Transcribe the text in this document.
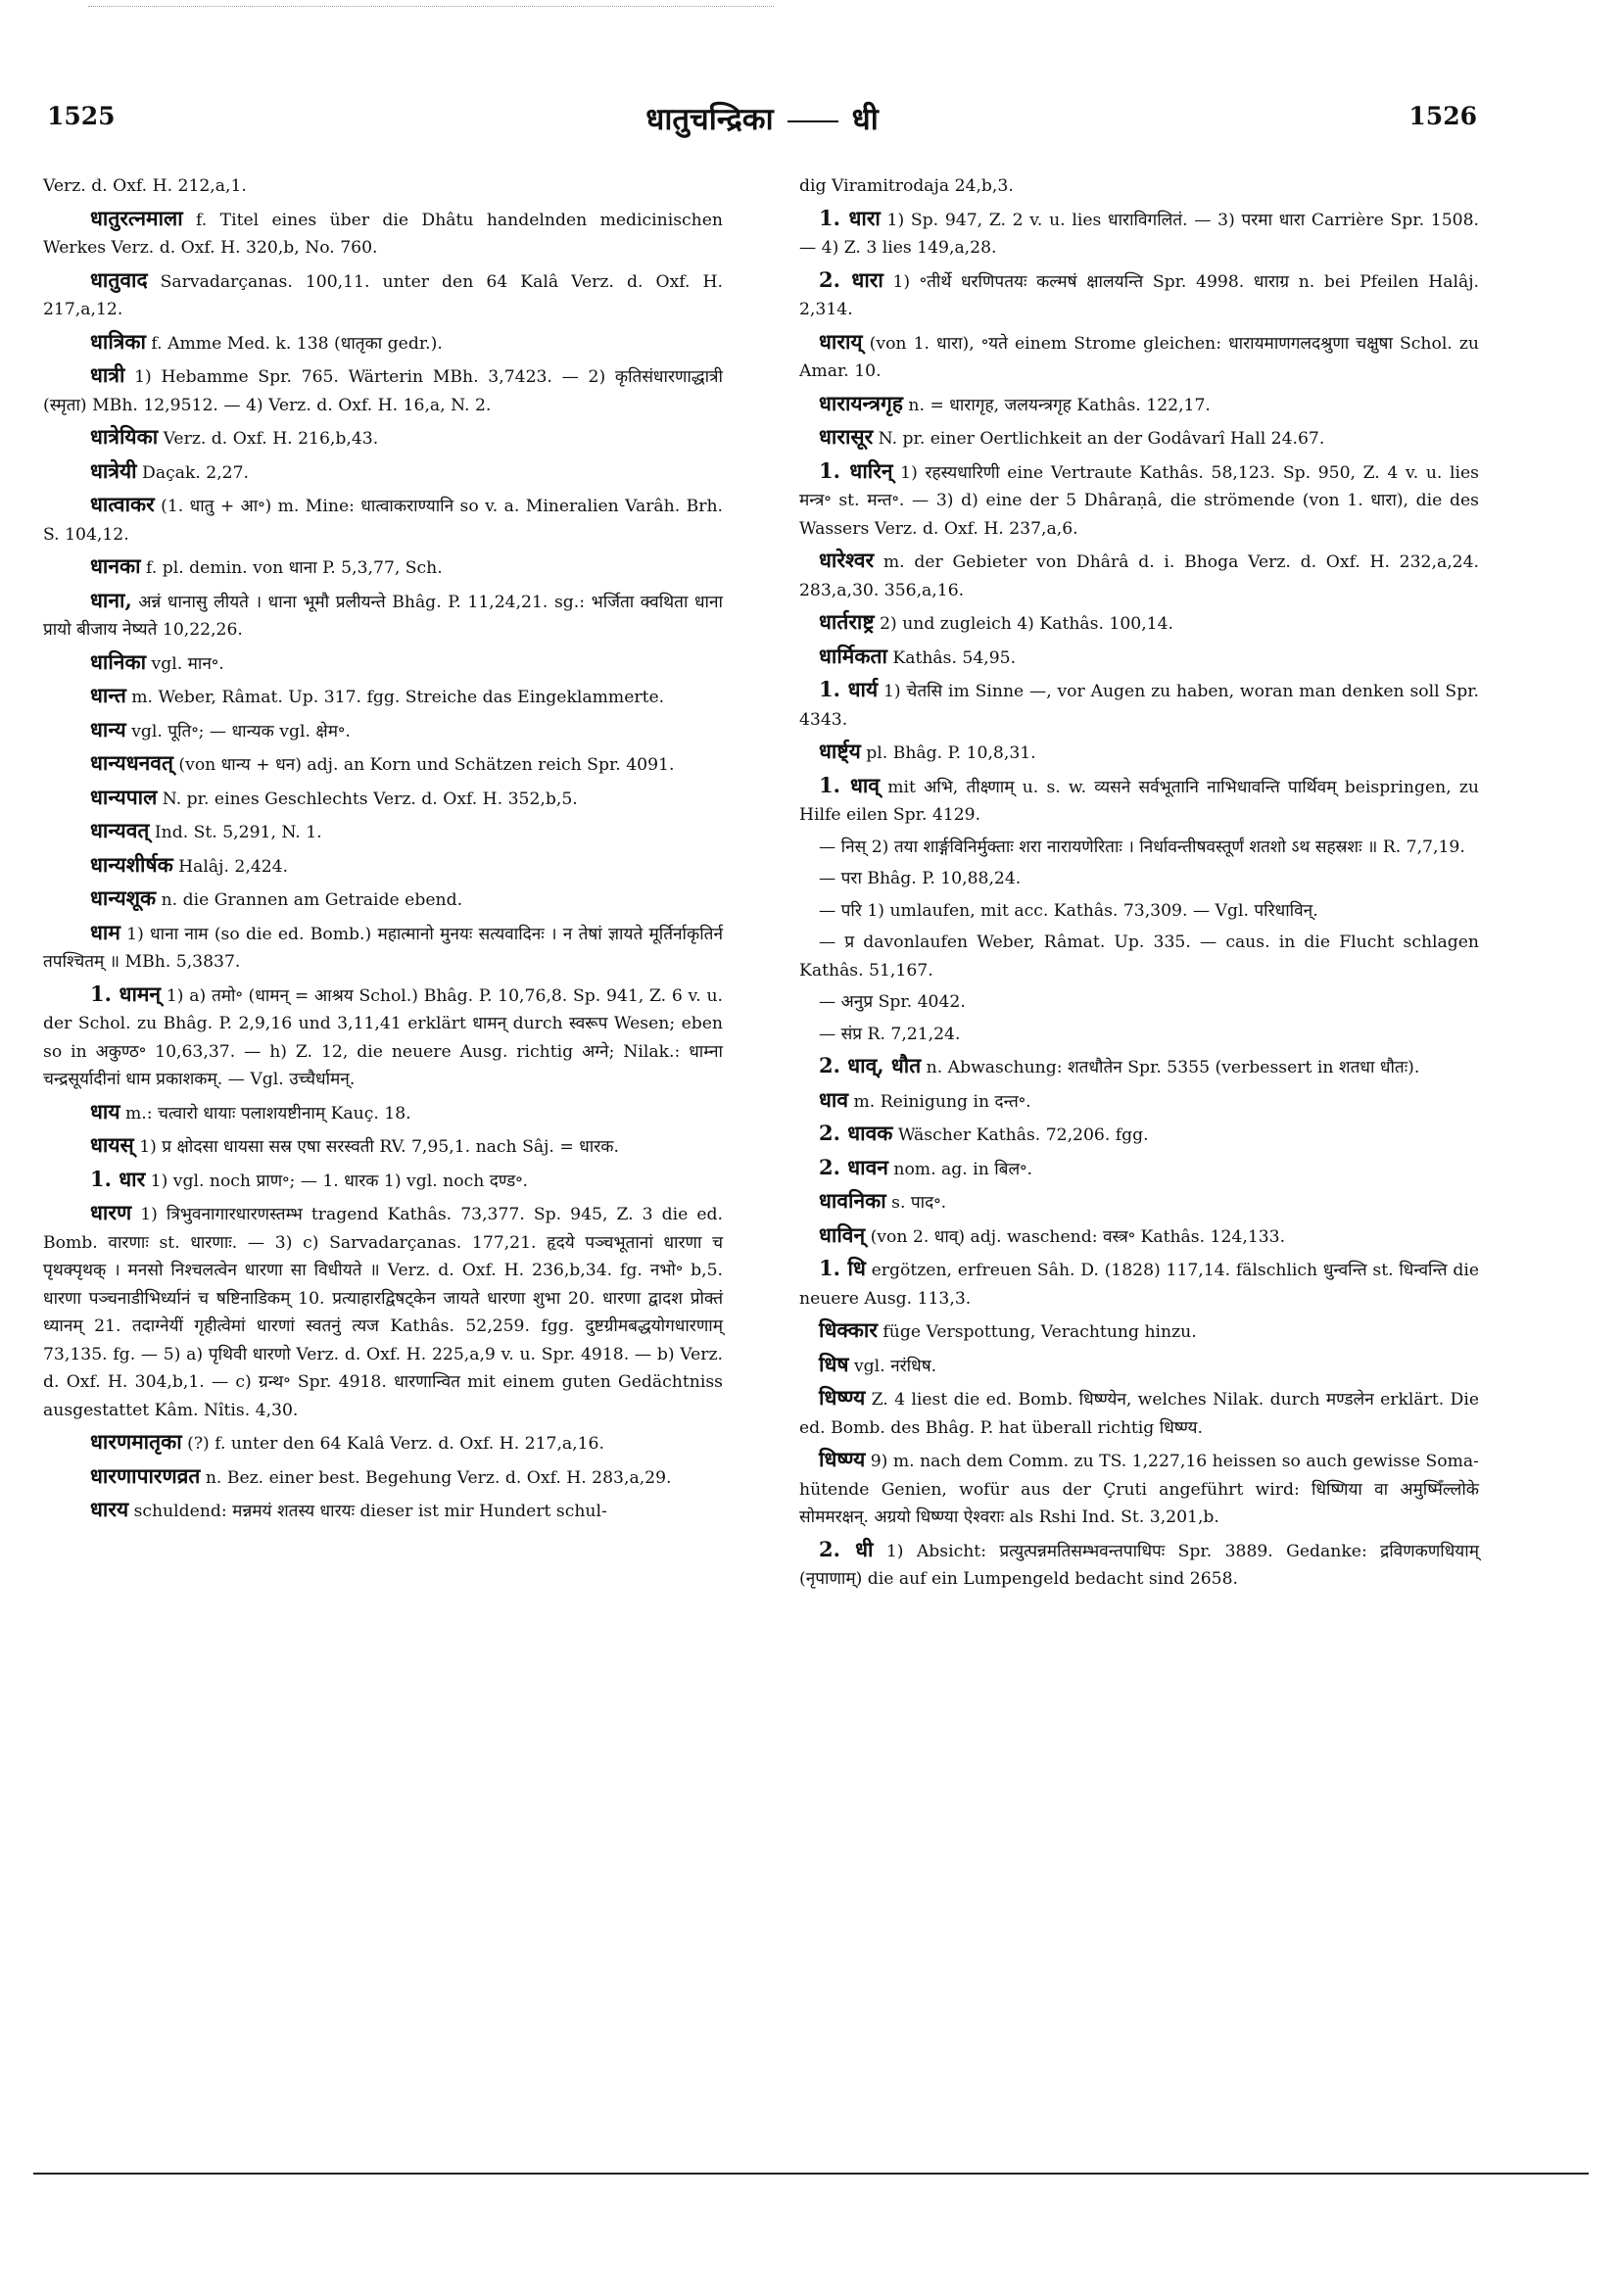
1525	धातुचन्द्रिका	धी	1526

Verz. d. Oxf. H. 212,a,1.

धातुरत्नमाला f. Titel eines über die Dhâtu handelnden medicinischen Werkes Verz. d. Oxf. H. 320,b, No. 760.

धातुवाद Sarvadarçanas. 100,11. unter den 64 Kalâ Verz. d. Oxf. H. 217,a,12.

धात्रिका f. Amme Med. k. 138 (धातृका gedr.).

धात्री 1) Hebamme Spr. 765. Wärterin MBh. 3,7423. — 2) कृतिसंधारणाद्धात्री (स्मृता) MBh. 12,9512. — 4) Verz. d. Oxf. H. 16,a, N. 2.

धात्रेयिका Verz. d. Oxf. H. 216,b,43.

धात्रेयी Daçak. 2,27.

धात्वाकर (1. धातु + आ॰) m. Mine: धात्वाकराण्यानि so v. a. Mineralien Varâh. Brh. S. 104,12.

धानका f. pl. demin. von धाना P. 5,3,77, Sch.

धाना, अन्नं धानासु लीयते । धाना भूमौ प्रलीयन्ते Bhâg. P. 11,24,21. sg.: भर्जिता क्वथिता धाना प्रायो बीजाय नेष्यते 10,22,26.

धानिका vgl. मान॰.

धान्त m. Weber, Râmat. Up. 317. fgg. Streiche das Eingeklammerte.

धान्य vgl. पूति॰; — धान्यक vgl. क्षेम॰.

धान्यधनवत् (von धान्य + धन) adj. an Korn und Schätzen reich Spr. 4091.

धान्यपाल N. pr. eines Geschlechts Verz. d. Oxf. H. 352,b,5.

धान्यवत् Ind. St. 5,291, N. 1.

धान्यशीर्षक Halâj. 2,424.

धान्यशूक n. die Grannen am Getraide ebend.

धाम 1) धाना नाम (so die ed. Bomb.) महात्मानो मुनयः सत्यवादिनः । न तेषां ज्ञायते मूर्तिर्नाकृतिर्न तपश्चितम् ॥ MBh. 5,3837.

1. धामन् 1) a) तमो॰ (धामन् = आश्रय Schol.) Bhâg. P. 10,76,8. Sp. 941, Z. 6 v. u. der Schol. zu Bhâg. P. 2,9,16 und 3,11,41 erklärt धामन् durch स्वरूप Wesen; eben so in अकुण्ठ॰ 10,63,37. — h) Z. 12, die neuere Ausg. richtig अग्ने; Nilak.: धाम्ना चन्द्रसूर्यादीनां धाम प्रकाशकम्. — Vgl. उच्चैर्धामन्.

धाय m.: चत्वारो धायाः पलाशयष्टीनाम् Kauç. 18.

धायस् 1) प्र क्षोदसा धायसा सस्र एषा सरस्वती RV. 7,95,1. nach Sâj. = धारक.

1. धार 1) vgl. noch प्राण॰; — 1. धारक 1) vgl. noch दण्ड॰.

धारण 1) त्रिभुवनागारधारणस्तम्भ tragend Kathâs. 73,377. Sp. 945, Z. 3 die ed. Bomb. वारणाः st. धारणाः. — 3) c) Sarvadarçanas. 177,21. हृदये पञ्चभूतानां धारणा च पृथक्पृथक् । मनसो निश्चलत्वेन धारणा सा विधीयते ॥ Verz. d. Oxf. H. 236,b,34. fg. नभो॰ b,5. धारणा पञ्चनाडीभिर्ध्यानं च षष्टिनाडिकम् 10. प्रत्याहारद्विषट्केन जायते धारणा शुभा 20. धारणा द्वादश प्रोक्तं ध्यानम् 21. तदाग्नेयीं गृहीत्वेमां धारणां स्वतनुं त्यज Kathâs. 52,259. fgg. दुष्टग्रीमबद्धयोगधारणाम् 73,135. fg. — 5) a) पृथिवी धारणो Verz. d. Oxf. H. 225,a,9 v. u. Spr. 4918. — b) Verz. d. Oxf. H. 304,b,1. — c) ग्रन्थ॰ Spr. 4918. धारणान्वित mit einem guten Gedächtniss ausgestattet Kâm. Nîtis. 4,30.

धारणमातृका (?) f. unter den 64 Kalâ Verz. d. Oxf. H. 217,a,16.

धारणापारणव्रत n. Bez. einer best. Begehung Verz. d. Oxf. H. 283,a,29.

धारय schuldend: मन्नमयं शतस्य धारयः dieser ist mir Hundert schul-

dig Viramitrodaja 24,b,3.

1. धारा 1) Sp. 947, Z. 2 v. u. lies धाराविगलितं. — 3) परमा धारा Carrière Spr. 1508. — 4) Z. 3 lies 149,a,28.

2. धारा 1) ॰तीर्थे धरणिपतयः कल्मषं क्षालयन्ति Spr. 4998. धाराग्र n. bei Pfeilen Halâj. 2,314.

धाराय् (von 1. धारा), ॰यते einem Strome gleichen: धारायमाणगलदश्रुणा चक्षुषा Schol. zu Amar. 10.

धारायन्त्रगृह n. = धारागृह, जलयन्त्रगृह Kathâs. 122,17.

धारासूर N. pr. einer Oertlichkeit an der Godâvarî Hall 24.67.

1. धारिन् 1) रहस्यधारिणी eine Vertraute Kathâs. 58,123. Sp. 950, Z. 4 v. u. lies मन्त्र॰ st. मन्त॰. — 3) d) eine der 5 Dhâraṇâ, die strömende (von 1. धारा), die des Wassers Verz. d. Oxf. H. 237,a,6.

धारेश्वर m. der Gebieter von Dhârâ d. i. Bhoga Verz. d. Oxf. H. 232,a,24. 283,a,30. 356,a,16.

धार्तराष्ट्र 2) und zugleich 4) Kathâs. 100,14.

धार्मिकता Kathâs. 54,95.

1. धार्य 1) चेतसि im Sinne —, vor Augen zu haben, woran man denken soll Spr. 4343.

धार्ष्ट्य pl. Bhâg. P. 10,8,31.

1. धाव् mit अभि, तीक्ष्णाम् u. s. w. व्यसने सर्वभूतानि नाभिधावन्ति पार्थिवम् beispringen, zu Hilfe eilen Spr. 4129.

— निस् 2) तया शार्ङ्गविनिर्मुक्ताः शरा नारायणेरिताः । निर्धावन्तीषवस्तूर्णं शतशो ऽथ सहस्रशः ॥ R. 7,7,19.

— परा Bhâg. P. 10,88,24.

— परि 1) umlaufen, mit acc. Kathâs. 73,309. — Vgl. परिधाविन्.

— प्र davonlaufen Weber, Râmat. Up. 335. — caus. in die Flucht schlagen Kathâs. 51,167.

— अनुप्र Spr. 4042.

— संप्र R. 7,21,24.

2. धाव्, धौत n. Abwaschung: शतधौतेन Spr. 5355 (verbessert in शतधा धौतः).

धाव m. Reinigung in दन्त॰.

2. धावक Wäscher Kathâs. 72,206. fgg.

2. धावन nom. ag. in बिल॰.

धावनिका s. पाद॰.

धाविन् (von 2. धाव्) adj. waschend: वस्त्र॰ Kathâs. 124,133.

1. धि ergötzen, erfreuen Sâh. D. (1828) 117,14. fälschlich धुन्वन्ति st. धिन्वन्ति die neuere Ausg. 113,3.

धिक्कार füge Verspottung, Verachtung hinzu.

धिष vgl. नरंधिष.

धिष्ण्य Z. 4 liest die ed. Bomb. धिष्ण्येन, welches Nilak. durch मण्डलेन erklärt. Die ed. Bomb. des Bhâg. P. hat überall richtig धिष्ण्य.

धिष्ण्य 9) m. nach dem Comm. zu TS. 1,227,16 heissen so auch gewisse Soma-hütende Genien, wofür aus der Çruti angeführt wird: धिष्णिया वा अमुष्मिँल्लोके सोममरक्षन्. अग्रयो धिष्ण्या ऐश्वराः als Rshi Ind. St. 3,201,b.

2. धी 1) Absicht: प्रत्युत्पन्नमतिसम्भवन्तपाधिपः Spr. 3889. Gedanke: द्रविणकणधियाम् (नृपाणाम्) die auf ein Lumpengeld bedacht sind 2658.
